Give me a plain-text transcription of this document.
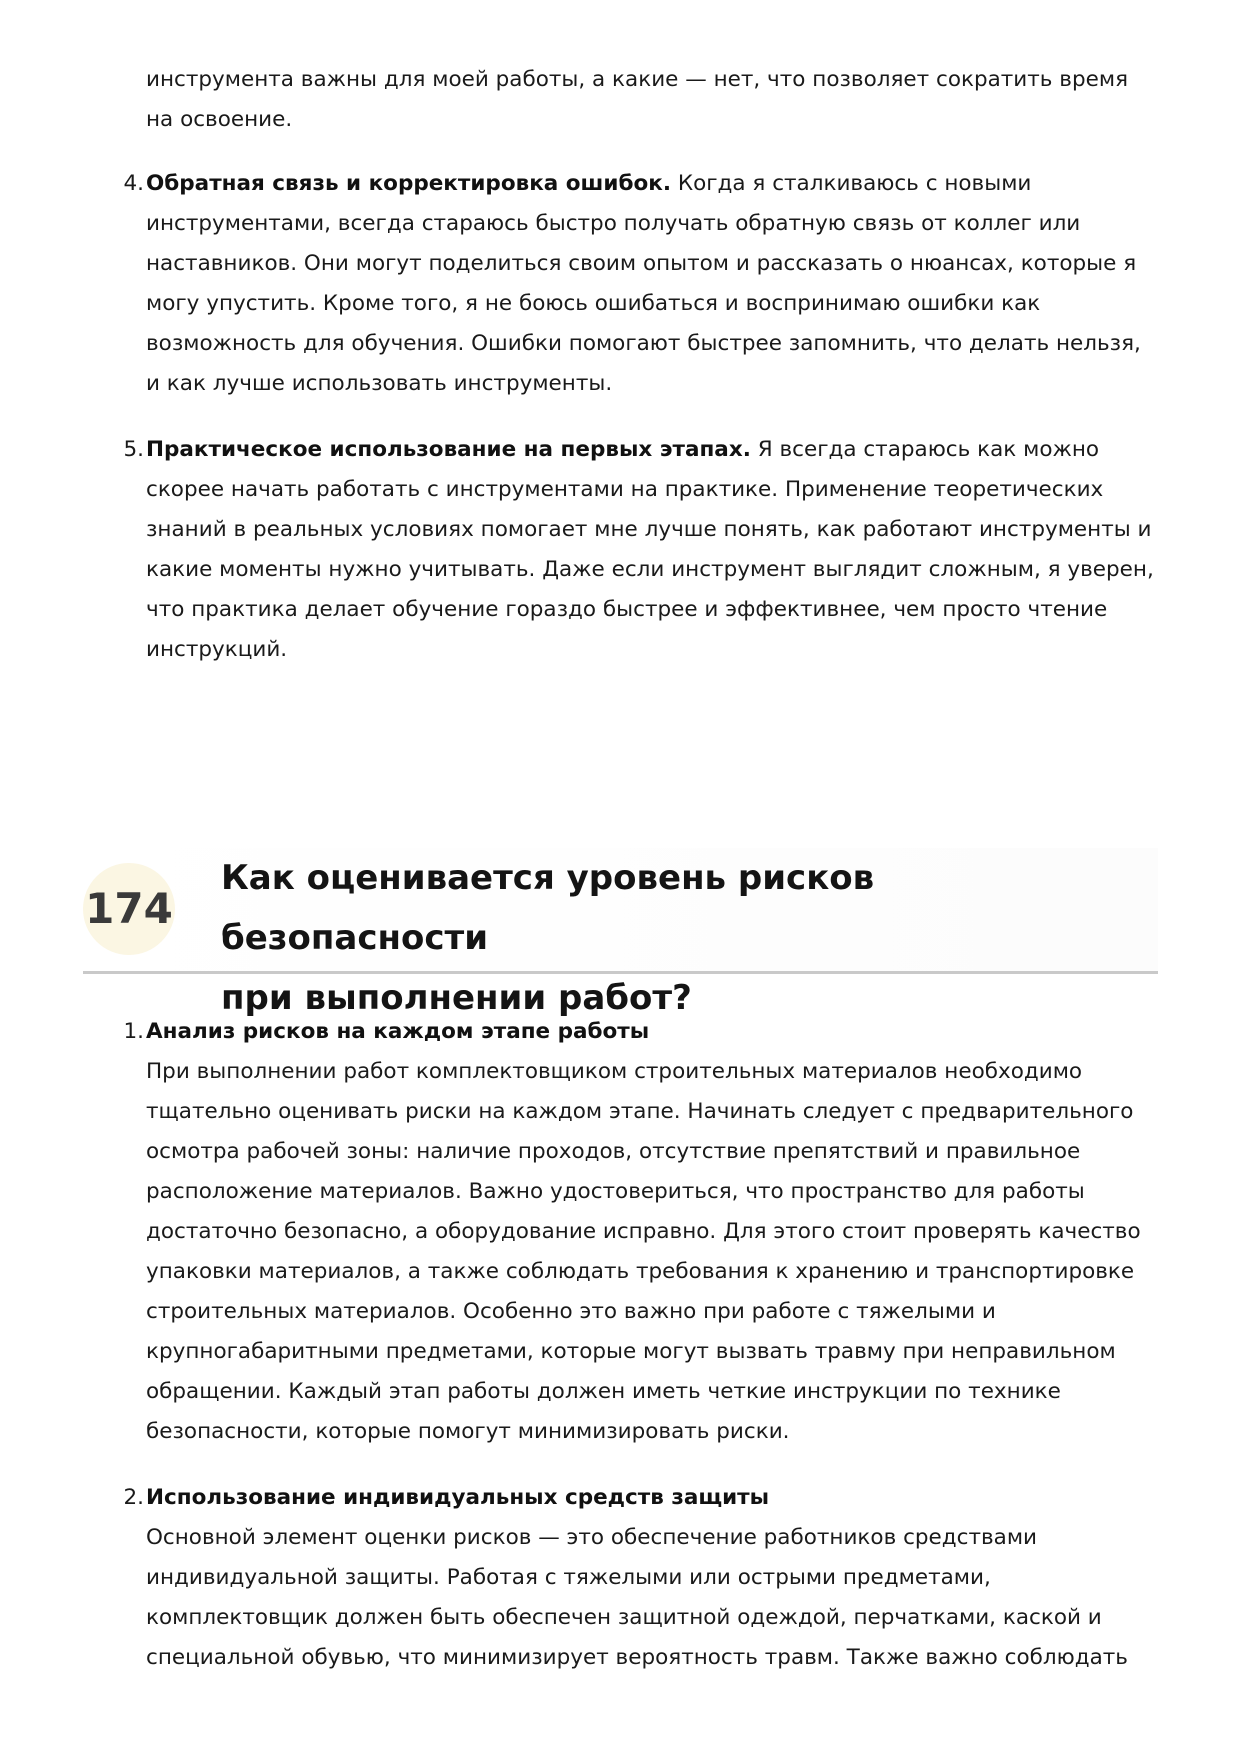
инструмента важны для моей работы, а какие — нет, что позволяет сократить время
на освоение.

4. Обратная связь и корректировка ошибок. Когда я сталкиваюсь с новыми инструментами, всегда стараюсь быстро получать обратную связь от коллег или наставников. Они могут поделиться своим опытом и рассказать о нюансах, которые я могу упустить. Кроме того, я не боюсь ошибаться и воспринимаю ошибки как возможность для обучения. Ошибки помогают быстрее запомнить, что делать нельзя, и как лучше использовать инструменты.

5. Практическое использование на первых этапах. Я всегда стараюсь как можно скорее начать работать с инструментами на практике. Применение теоретических знаний в реальных условиях помогает мне лучше понять, как работают инструменты и какие моменты нужно учитывать. Даже если инструмент выглядит сложным, я уверен, что практика делает обучение гораздо быстрее и эффективнее, чем просто чтение инструкций.

174
Как оценивается уровень рисков безопасности
при выполнении работ?
1. Анализ рисков на каждом этапе работы
При выполнении работ комплектовщиком строительных материалов необходимо тщательно оценивать риски на каждом этапе. Начинать следует с предварительного осмотра рабочей зоны: наличие проходов, отсутствие препятствий и правильное расположение материалов. Важно удостовериться, что пространство для работы достаточно безопасно, а оборудование исправно. Для этого стоит проверять качество упаковки материалов, а также соблюдать требования к хранению и транспортировке строительных материалов. Особенно это важно при работе с тяжелыми и крупногабаритными предметами, которые могут вызвать травму при неправильном обращении. Каждый этап работы должен иметь четкие инструкции по технике безопасности, которые помогут минимизировать риски.
2. Использование индивидуальных средств защиты
Основной элемент оценки рисков — это обеспечение работников средствами индивидуальной защиты. Работая с тяжелыми или острыми предметами, комплектовщик должен быть обеспечен защитной одеждой, перчатками, каской и специальной обувью, что минимизирует вероятность травм. Также важно соблюдать
